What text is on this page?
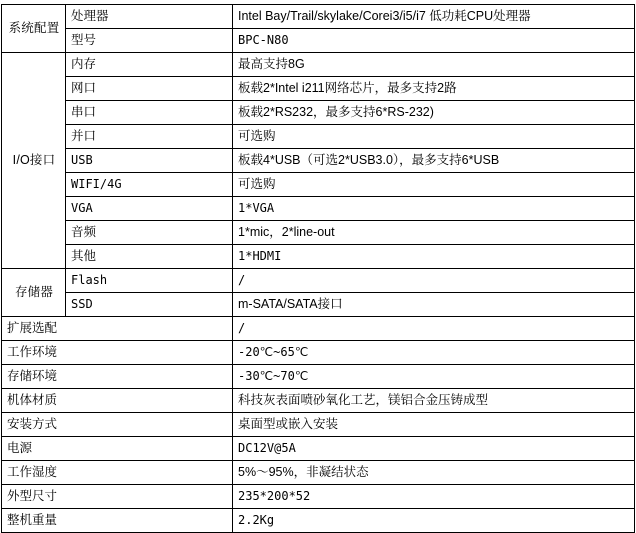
系统配置	处理器	Intel Bay/Trail/skylake/Corei3/i5/i7 低功耗CPU处理器
	型号	BPC-N80
I/O接口	内存	最高支持8G
	网口	板载2*Intel i211网络芯片，最多支持2路
	串口	板载2*RS232，最多支持6*RS-232)
	并口	可选购
	USB	板载4*USB（可选2*USB3.0），最多支持6*USB
	WIFI/4G	可选购
	VGA	1*VGA
	音频	1*mic，2*line-out
	其他	1*HDMI
存储器	Flash	/
	SSD	m-SATA/SATA接口
扩展选配		/
工作环境		-20℃~65℃
存储环境		-30℃~70℃
机体材质		科技灰表面喷砂氧化工艺，镁铝合金压铸成型
安装方式		桌面型或嵌入安装
电源		DC12V@5A
工作湿度		5%～95%，非凝结状态
外型尺寸		235*200*52
整机重量		2.2Kg
